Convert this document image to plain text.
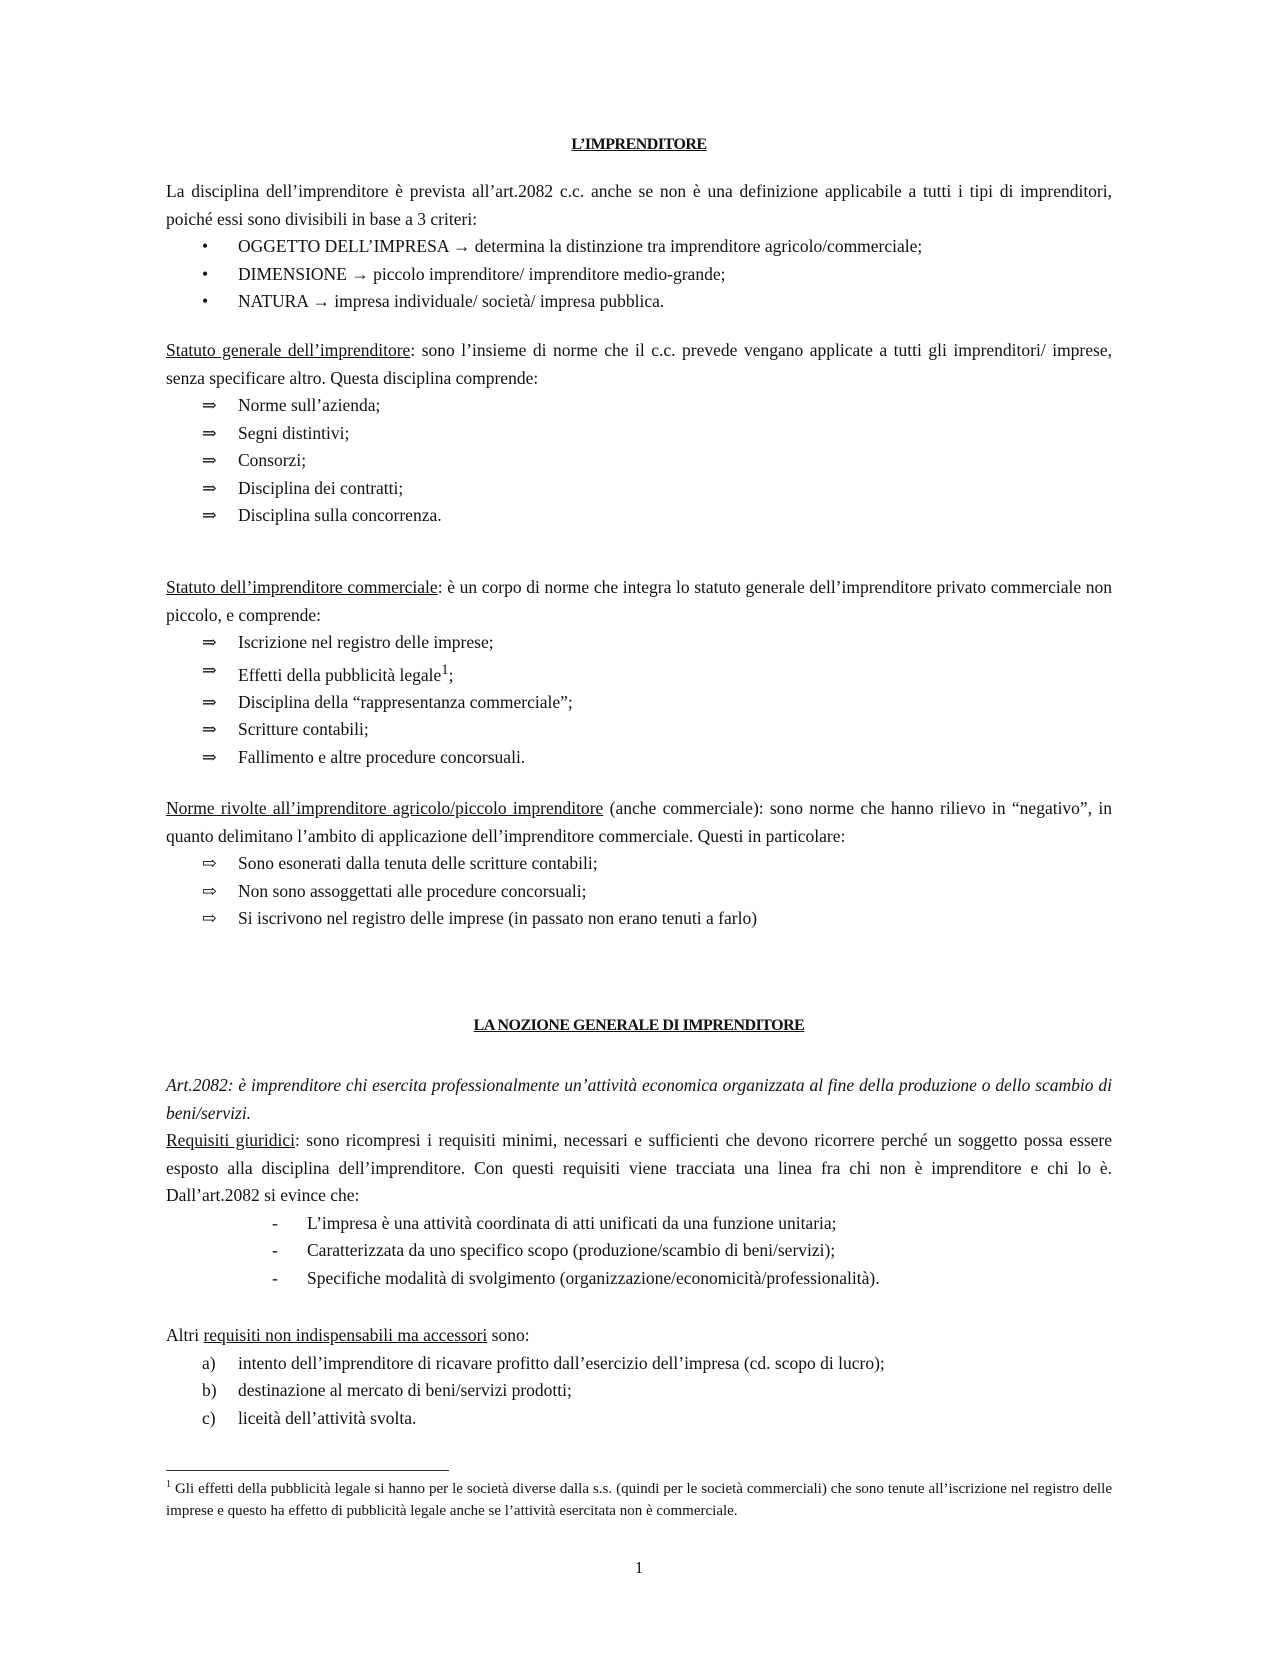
L’IMPRENDITORE

La disciplina dell’imprenditore è prevista all’art.2082 c.c. anche se non è una definizione applicabile a tutti i tipi di imprenditori, poiché essi sono divisibili in base a 3 criteri:

•	OGGETTO DELL’IMPRESA → determina la distinzione tra imprenditore agricolo/commerciale;
•	DIMENSIONE → piccolo imprenditore/ imprenditore medio-grande;
•	NATURA → impresa individuale/ società/ impresa pubblica.

Statuto generale dell’imprenditore: sono l’insieme di norme che il c.c. prevede vengano applicate a tutti gli imprenditori/ imprese, senza specificare altro. Questa disciplina comprende:

⇒	Norme sull’azienda;
⇒	Segni distintivi;
⇒	Consorzi;
⇒	Disciplina dei contratti;
⇒	Disciplina sulla concorrenza.

Statuto dell’imprenditore commerciale: è un corpo di norme che integra lo statuto generale dell’imprenditore privato commerciale non piccolo, e comprende:

⇒	Iscrizione nel registro delle imprese;
⇒	Effetti della pubblicità legale$^1$;
⇒	Disciplina della “rappresentanza commerciale”;
⇒	Scritture contabili;
⇒	Fallimento e altre procedure concorsuali.

Norme rivolte all’imprenditore agricolo/piccolo imprenditore (anche commerciale): sono norme che hanno rilievo in “negativo”, in quanto delimitano l’ambito di applicazione dell’imprenditore commerciale. Questi in particolare:

⇨	Sono esonerati dalla tenuta delle scritture contabili;
⇨	Non sono assoggettati alle procedure concorsuali;
⇨	Si iscrivono nel registro delle imprese (in passato non erano tenuti a farlo)
LA NOZIONE GENERALE DI IMPRENDITORE

Art.2082: è imprenditore chi esercita professionalmente un’attività economica organizzata al fine della produzione o dello scambio di beni/servizi.

Requisiti giuridici: sono ricompresi i requisiti minimi, necessari e sufficienti che devono ricorrere perché un soggetto possa essere esposto alla disciplina dell’imprenditore. Con questi requisiti viene tracciata una linea fra chi non è imprenditore e chi lo è. Dall’art.2082 si evince che:

-	L’impresa è una attività coordinata di atti unificati da una funzione unitaria;
-	Caratterizzata da uno specifico scopo (produzione/scambio di beni/servizi);
-	Specifiche modalità di svolgimento (organizzazione/economicità/professionalità).

Altri requisiti non indispensabili ma accessori sono:

a)	intento dell’imprenditore di ricavare profitto dall’esercizio dell’impresa (cd. scopo di lucro);
b)	destinazione al mercato di beni/servizi prodotti;
c)	liceità dell’attività svolta.

$^1$ Gli effetti della pubblicità legale si hanno per le società diverse dalla s.s. (quindi per le società commerciali) che sono tenute all’iscrizione nel registro delle imprese e questo ha effetto di pubblicità legale anche se l’attività esercitata non è commerciale.

1
